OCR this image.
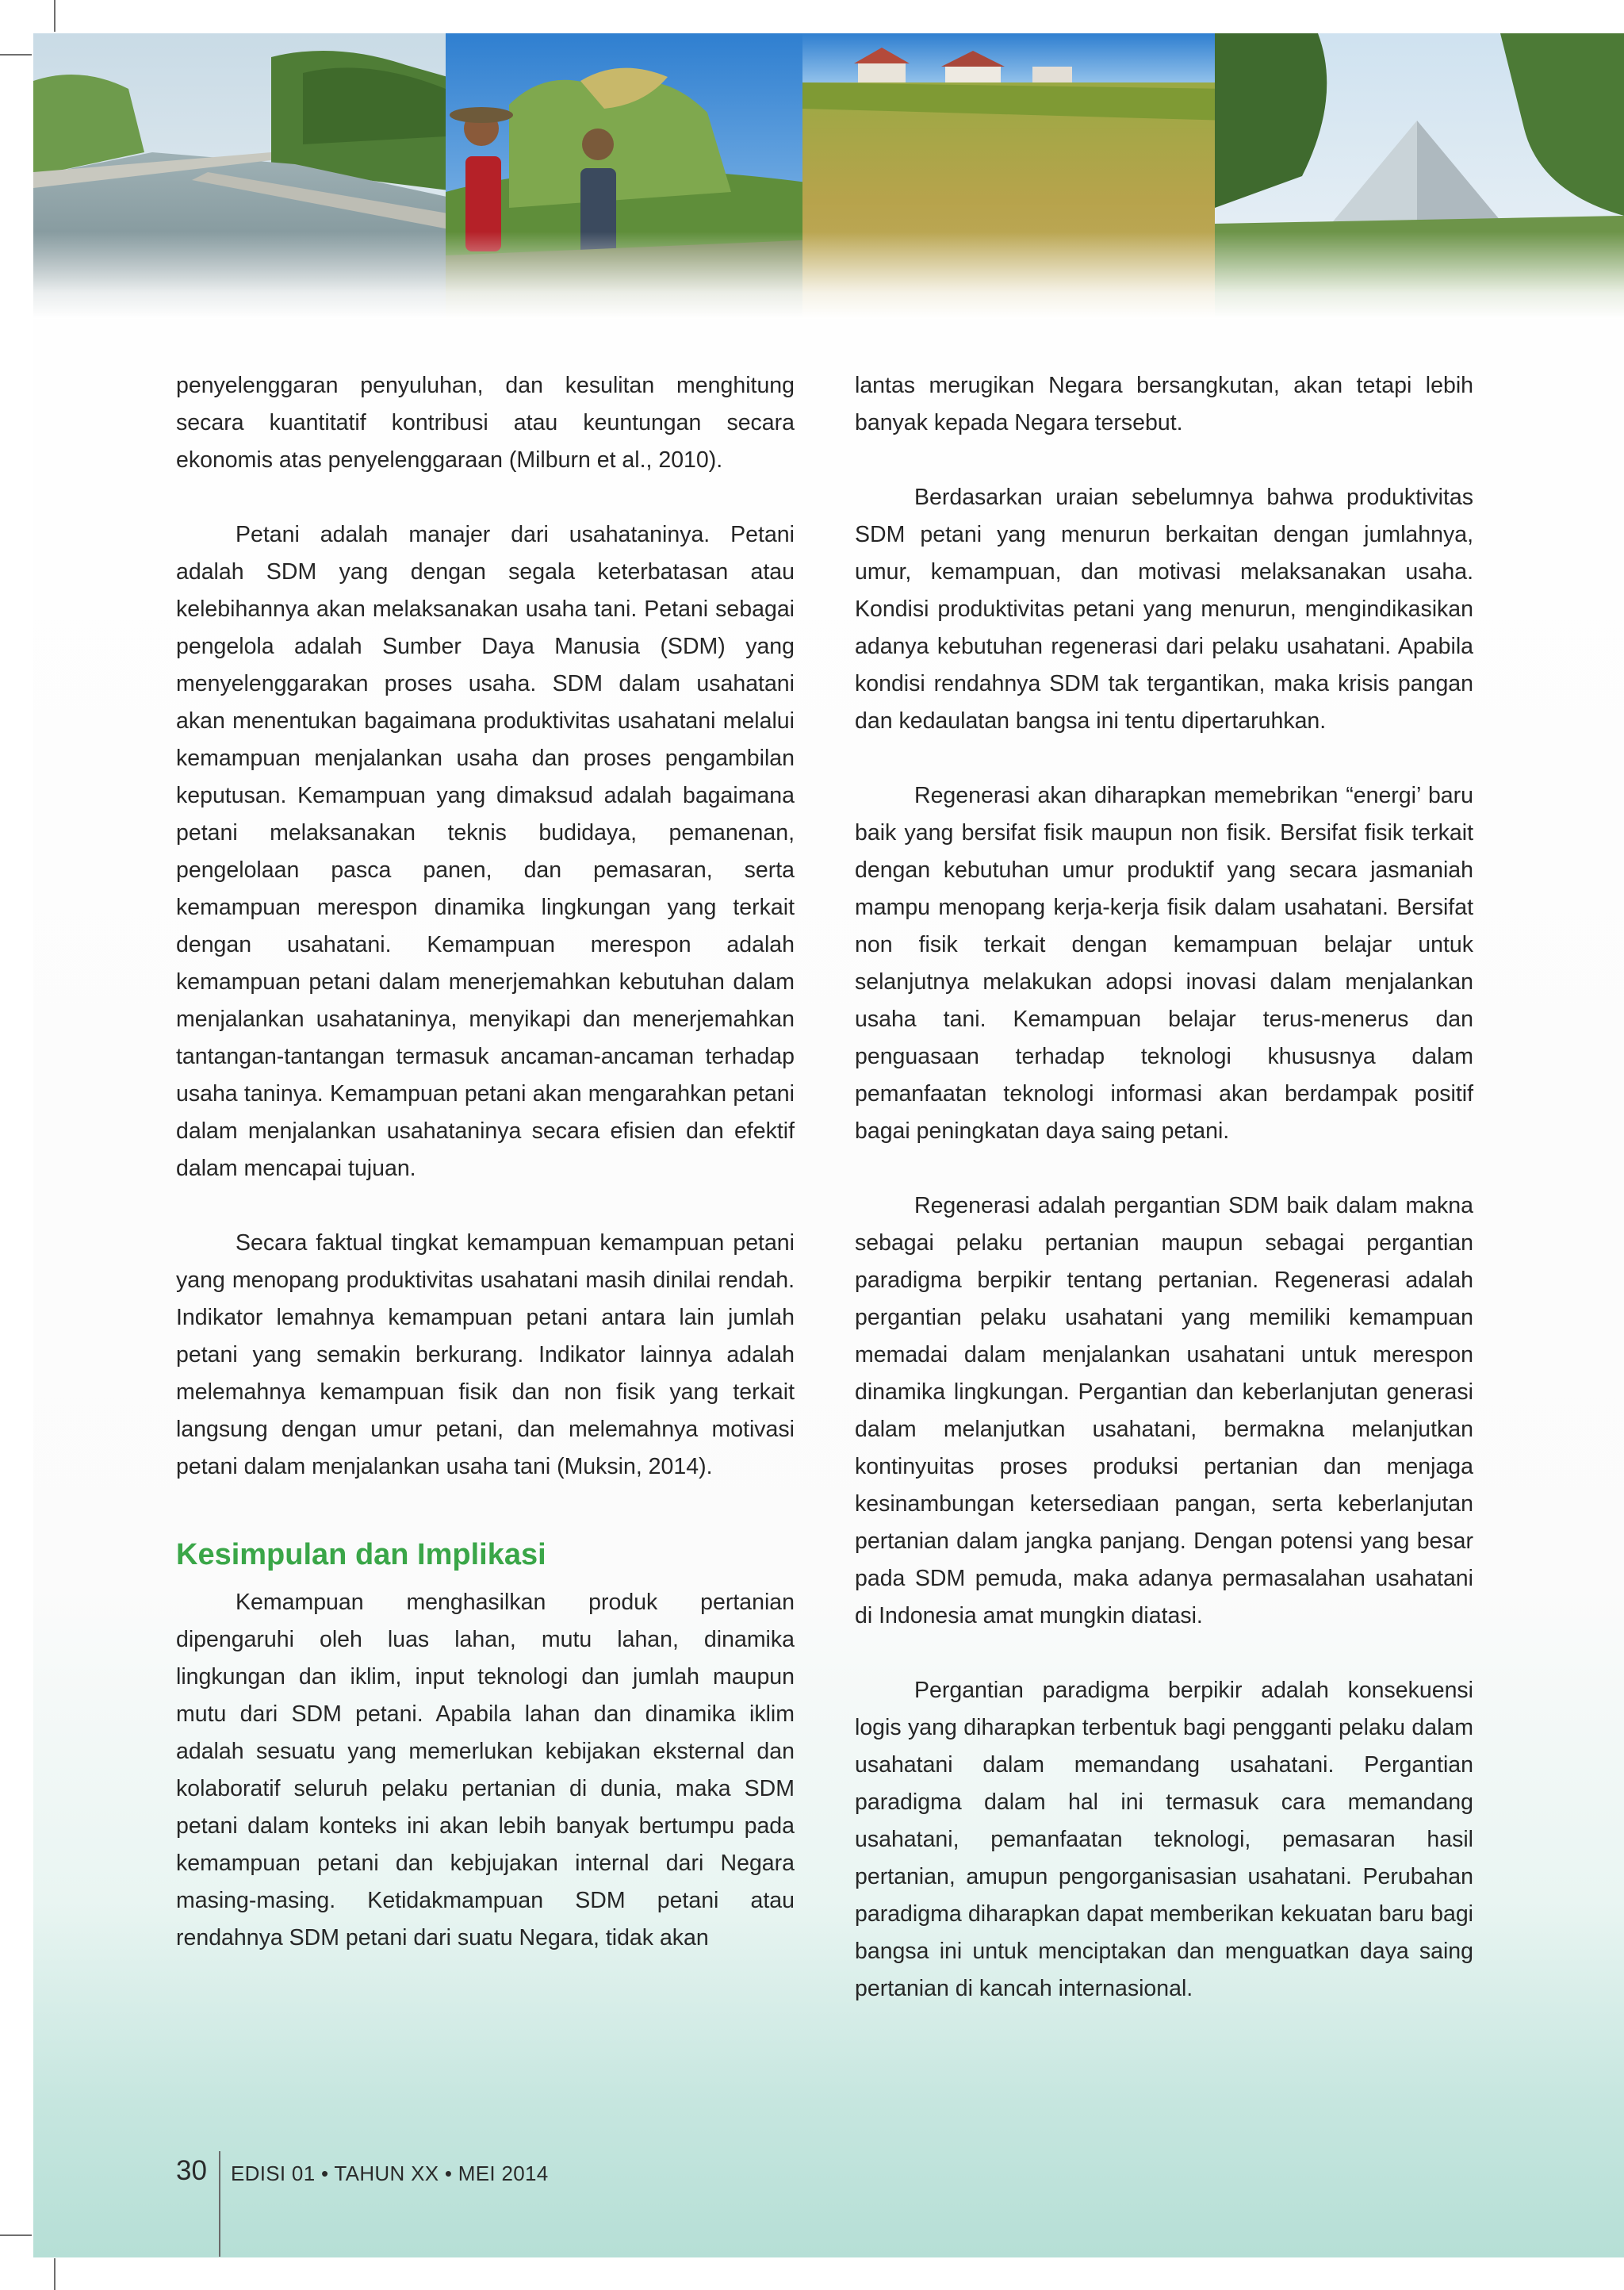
penyelenggaran penyuluhan, dan kesulitan menghitung secara kuantitatif kontribusi atau keuntungan secara ekonomis atas penyelenggaraan (Milburn et al., 2010).

Petani adalah manajer dari usahataninya. Petani adalah SDM yang dengan segala keterbatasan atau kelebihannya akan melaksanakan usaha tani. Petani sebagai pengelola adalah Sumber Daya Manusia (SDM) yang menyelenggarakan proses usaha. SDM dalam usahatani akan menentukan bagaimana produktivitas usahatani melalui kemampuan menjalankan usaha dan proses pengambilan keputusan. Kemampuan yang dimaksud adalah bagaimana petani melaksanakan teknis budidaya, pemanenan, pengelolaan pasca panen, dan pemasaran, serta kemampuan merespon dinamika lingkungan yang terkait dengan usahatani. Kemampuan merespon adalah kemampuan petani dalam menerjemahkan kebutuhan dalam menjalankan usahataninya, menyikapi dan menerjemahkan tantangan-tantangan termasuk ancaman-ancaman terhadap usaha taninya. Kemampuan petani akan mengarahkan petani dalam menjalankan usahataninya secara efisien dan efektif dalam mencapai tujuan.

Secara faktual tingkat kemampuan kemampuan petani yang menopang produktivitas usahatani masih dinilai rendah. Indikator lemahnya kemampuan petani antara lain jumlah petani yang semakin berkurang. Indikator lainnya adalah melemahnya kemampuan fisik dan non fisik yang terkait langsung dengan umur petani, dan melemahnya motivasi petani dalam menjalankan usaha tani (Muksin, 2014).

Kesimpulan dan Implikasi

Kemampuan menghasilkan produk pertanian dipengaruhi oleh luas lahan, mutu lahan, dinamika lingkungan dan iklim, input teknologi dan jumlah maupun mutu dari SDM petani. Apabila lahan dan dinamika iklim adalah sesuatu yang memerlukan kebijakan eksternal dan kolaboratif seluruh pelaku pertanian di dunia, maka SDM petani dalam konteks ini akan lebih banyak bertumpu pada kemampuan petani dan kebjujakan internal dari Negara masing-masing. Ketidakmampuan SDM petani atau rendahnya SDM petani dari suatu Negara, tidak akan

lantas merugikan Negara bersangkutan, akan tetapi lebih banyak kepada Negara tersebut.

Berdasarkan uraian sebelumnya bahwa produktivitas SDM petani yang menurun berkaitan dengan jumlahnya, umur, kemampuan, dan motivasi melaksanakan usaha. Kondisi produktivitas petani yang menurun, mengindikasikan adanya kebutuhan regenerasi dari pelaku usahatani. Apabila kondisi rendahnya SDM tak tergantikan, maka krisis pangan dan kedaulatan bangsa ini tentu dipertaruhkan.

Regenerasi akan diharapkan memebrikan “energi’ baru baik yang bersifat fisik maupun non fisik. Bersifat fisik terkait dengan kebutuhan umur produktif yang secara jasmaniah mampu menopang kerja-kerja fisik dalam usahatani. Bersifat non fisik terkait dengan kemampuan belajar untuk selanjutnya melakukan adopsi inovasi dalam menjalankan usaha tani. Kemampuan belajar terus-menerus dan penguasaan terhadap teknologi khususnya dalam pemanfaatan teknologi informasi akan berdampak positif bagai peningkatan daya saing petani.

Regenerasi adalah pergantian SDM baik dalam makna sebagai pelaku pertanian maupun sebagai pergantian paradigma berpikir tentang pertanian. Regenerasi adalah pergantian pelaku usahatani yang memiliki kemampuan memadai dalam menjalankan usahatani untuk merespon dinamika lingkungan. Pergantian dan keberlanjutan generasi dalam melanjutkan usahatani, bermakna melanjutkan kontinyuitas proses produksi pertanian dan menjaga kesinambungan ketersediaan pangan, serta keberlanjutan pertanian dalam jangka panjang. Dengan potensi yang besar pada SDM pemuda, maka adanya permasalahan usahatani di Indonesia amat mungkin diatasi.

Pergantian paradigma berpikir adalah konsekuensi logis yang diharapkan terbentuk bagi pengganti pelaku dalam usahatani dalam memandang usahatani. Pergantian paradigma dalam hal ini termasuk cara memandang usahatani, pemanfaatan teknologi, pemasaran hasil pertanian, amupun pengorganisasian usahatani. Perubahan paradigma diharapkan dapat memberikan kekuatan baru bagi bangsa ini untuk menciptakan dan menguatkan daya saing pertanian di kancah internasional.

30 EDISI 01 • TAHUN XX • MEI 2014
